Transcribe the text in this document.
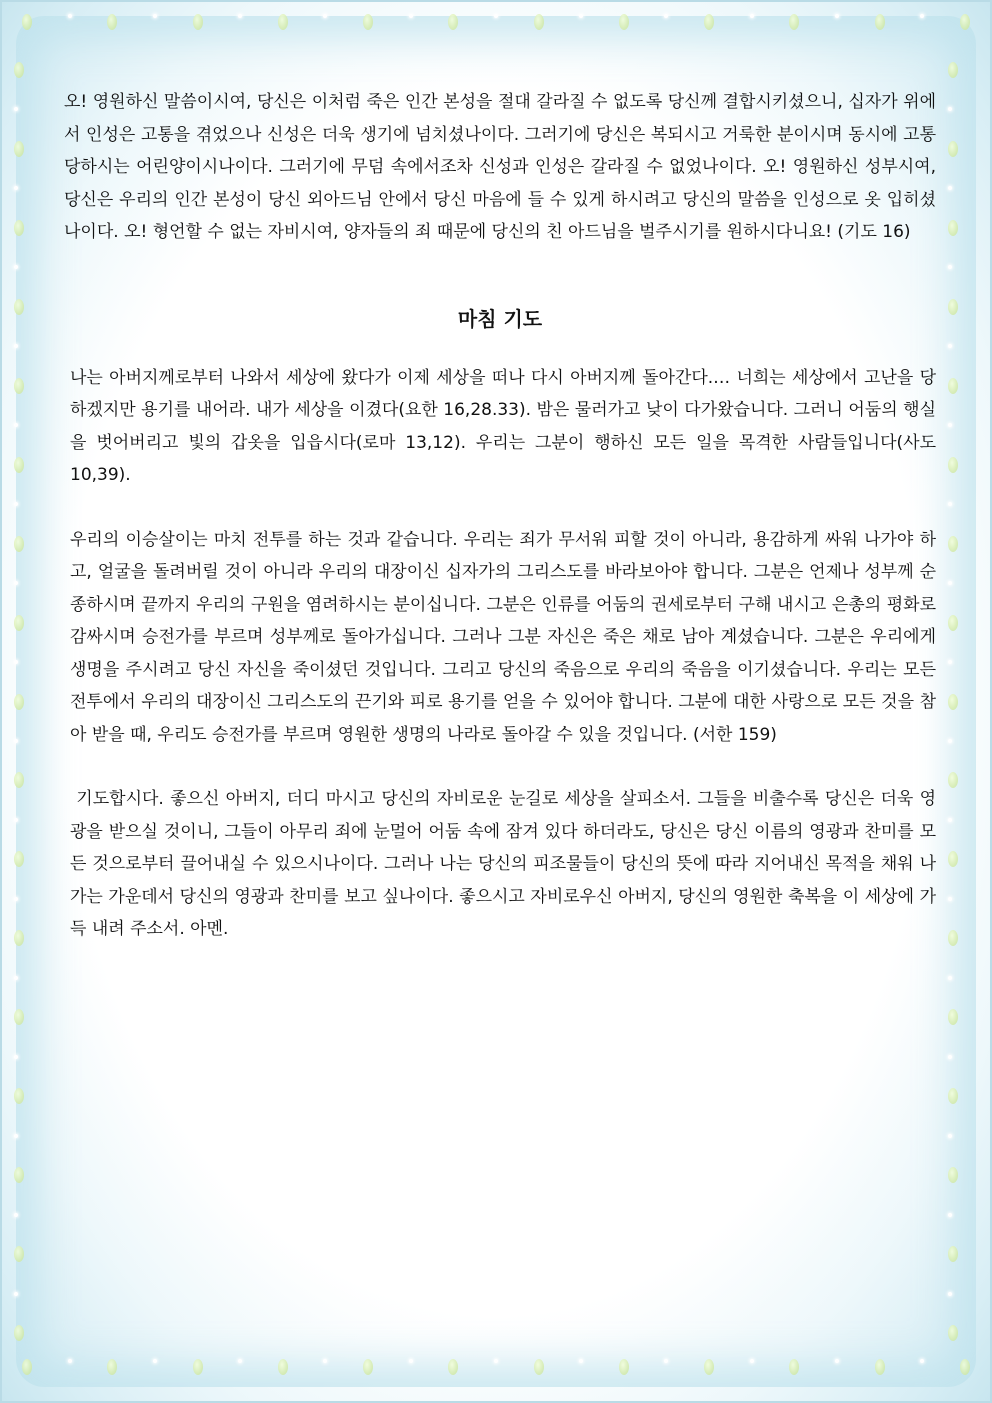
오! 영원하신 말씀이시여, 당신은 이처럼 죽은 인간 본성을 절대 갈라질 수 없도록 당신께 결합시키셨으니, 십자가 위에서 인성은 고통을 겪었으나 신성은 더욱 생기에 넘치셨나이다. 그러기에 당신은 복되시고 거룩한 분이시며 동시에 고통당하시는 어린양이시나이다. 그러기에 무덤 속에서조차 신성과 인성은 갈라질 수 없었나이다. 오! 영원하신 성부시여, 당신은 우리의 인간 본성이 당신 외아드님 안에서 당신 마음에 들 수 있게 하시려고 당신의 말씀을 인성으로 옷 입히셨나이다. 오! 형언할 수 없는 자비시여, 양자들의 죄 때문에 당신의 친 아드님을 벌주시기를 원하시다니요! (기도 16)

마침 기도

나는 아버지께로부터 나와서 세상에 왔다가 이제 세상을 떠나 다시 아버지께 돌아간다.… 너희는 세상에서 고난을 당하겠지만 용기를 내어라. 내가 세상을 이겼다(요한 16,28.33). 밤은 물러가고 낮이 다가왔습니다. 그러니 어둠의 행실을 벗어버리고 빛의 갑옷을 입읍시다(로마 13,12). 우리는 그분이 행하신 모든 일을 목격한 사람들입니다(사도 10,39).

우리의 이승살이는 마치 전투를 하는 것과 같습니다. 우리는 죄가 무서워 피할 것이 아니라, 용감하게 싸워 나가야 하고, 얼굴을 돌려버릴 것이 아니라 우리의 대장이신 십자가의 그리스도를 바라보아야 합니다. 그분은 언제나 성부께 순종하시며 끝까지 우리의 구원을 염려하시는 분이십니다. 그분은 인류를 어둠의 권세로부터 구해 내시고 은총의 평화로 감싸시며 승전가를 부르며 성부께로 돌아가십니다. 그러나 그분 자신은 죽은 채로 남아 계셨습니다. 그분은 우리에게 생명을 주시려고 당신 자신을 죽이셨던 것입니다. 그리고 당신의 죽음으로 우리의 죽음을 이기셨습니다. 우리는 모든 전투에서 우리의 대장이신 그리스도의 끈기와 피로 용기를 얻을 수 있어야 합니다. 그분에 대한 사랑으로 모든 것을 참아 받을 때, 우리도 승전가를 부르며 영원한 생명의 나라로 돌아갈 수 있을 것입니다. (서한 159)

기도합시다. 좋으신 아버지, 더디 마시고 당신의 자비로운 눈길로 세상을 살피소서. 그들을 비출수록 당신은 더욱 영광을 받으실 것이니, 그들이 아무리 죄에 눈멀어 어둠 속에 잠겨 있다 하더라도, 당신은 당신 이름의 영광과 찬미를 모든 것으로부터 끌어내실 수 있으시나이다. 그러나 나는 당신의 피조물들이 당신의 뜻에 따라 지어내신 목적을 채워 나가는 가운데서 당신의 영광과 찬미를 보고 싶나이다. 좋으시고 자비로우신 아버지, 당신의 영원한 축복을 이 세상에 가득 내려 주소서. 아멘.
